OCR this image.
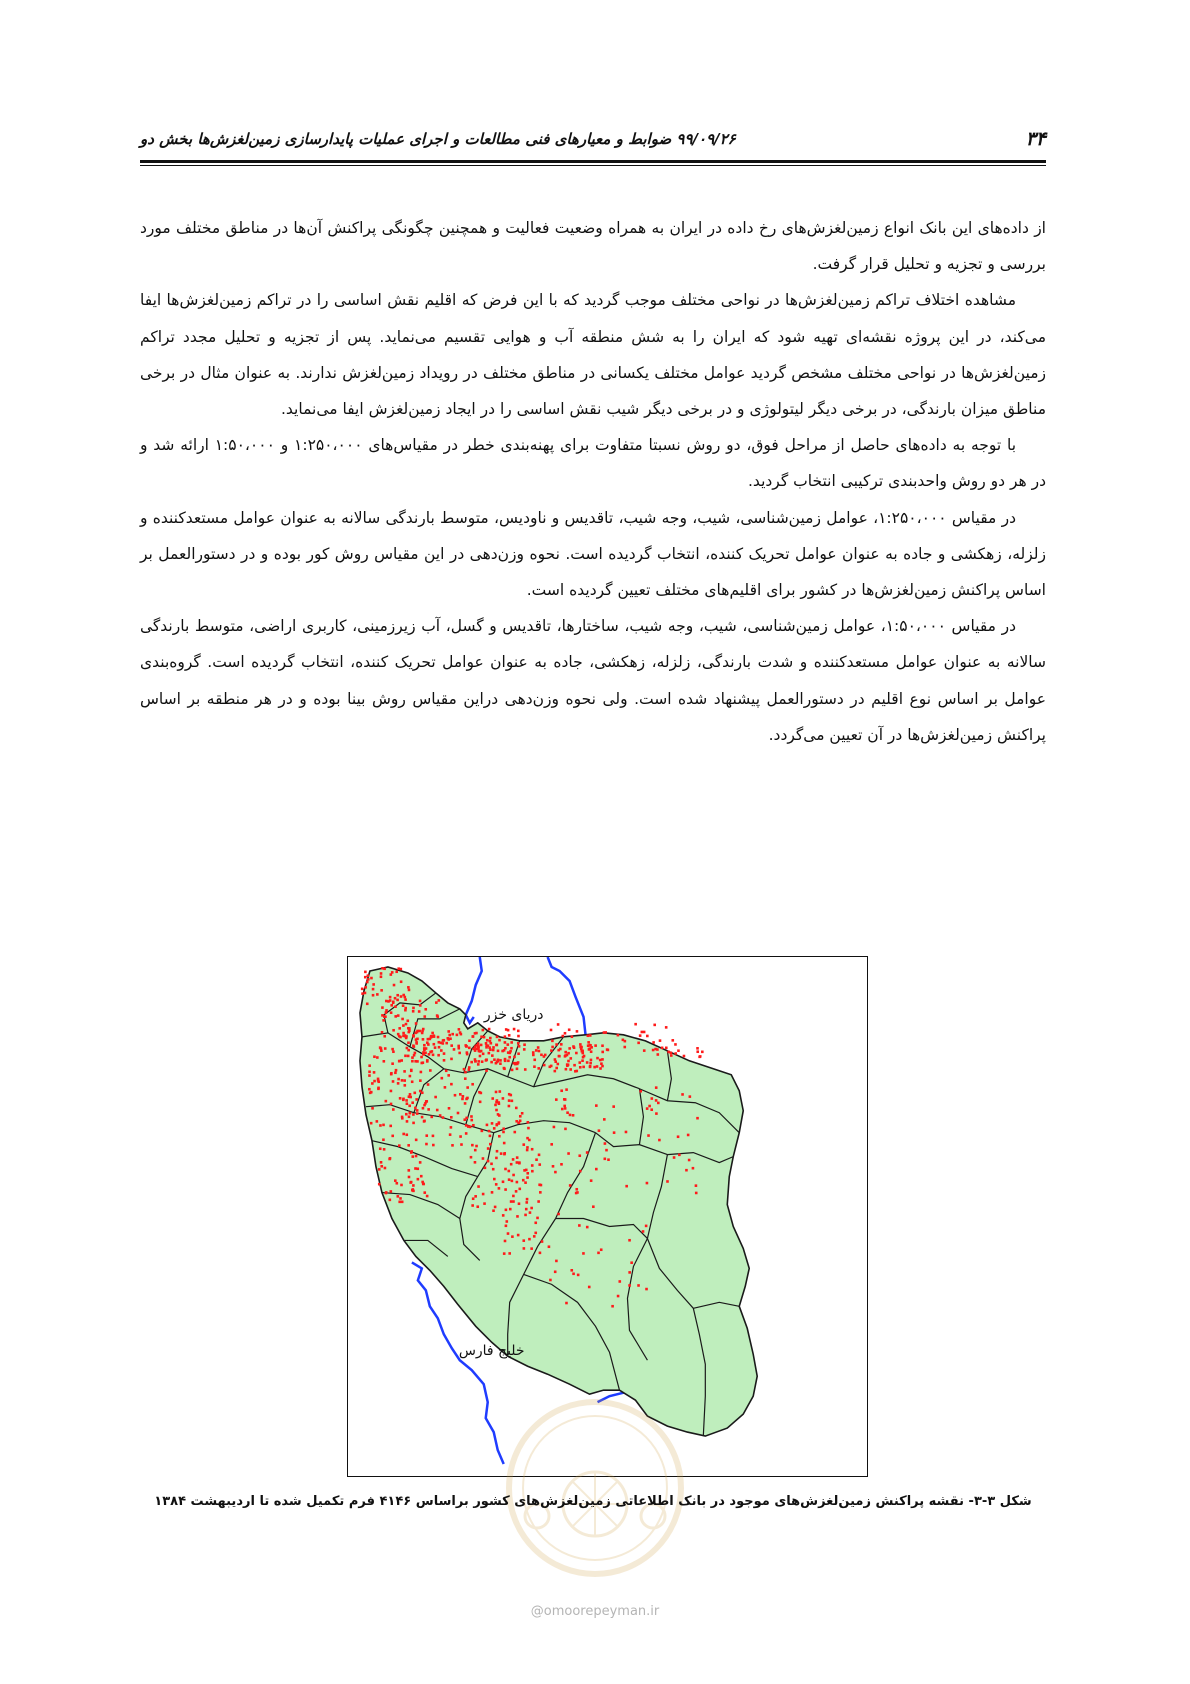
۳۴
۹۹/۰۹/۲۶ ضوابط و معیارهای فنی مطالعات و اجرای عملیات پایدارسازی زمین‌لغزش‌ها بخش دو

از داده‌های این بانک انواع زمین‌لغزش‌های رخ داده در ایران به همراه وضعیت فعالیت و همچنین چگونگی پراکنش آن‌ها در مناطق مختلف مورد بررسی و تجزیه و تحلیل قرار گرفت.

مشاهده اختلاف تراکم زمین‌لغزش‌ها در نواحی مختلف موجب گردید که با این فرض که اقلیم نقش اساسی را در تراکم زمین‌لغزش‌ها ایفا می‌کند، در این پروژه نقشه‌ای تهیه شود که ایران را به شش منطقه آب و هوایی تقسیم می‌نماید. پس از تجزیه و تحلیل مجدد تراکم زمین‌لغزش‌ها در نواحی مختلف مشخص گردید عوامل مختلف یکسانی در مناطق مختلف در رویداد زمین‌لغزش ندارند. به عنوان مثال در برخی مناطق میزان بارندگی، در برخی دیگر لیتولوژی و در برخی دیگر شیب نقش اساسی را در ایجاد زمین‌لغزش ایفا می‌نماید.

با توجه به داده‌های حاصل از مراحل فوق، دو روش نسبتا متفاوت برای پهنه‌بندی خطر در مقیاس‌های ۱:۲۵۰،۰۰۰ و ۱:۵۰،۰۰۰ ارائه شد و در هر دو روش واحدبندی ترکیبی انتخاب گردید.

در مقیاس ۱:۲۵۰،۰۰۰، عوامل زمین‌شناسی، شیب، وجه شیب، تاقدیس و ناودیس، متوسط بارندگی سالانه به عنوان عوامل مستعدکننده و زلزله، زهکشی و جاده به عنوان عوامل تحریک کننده، انتخاب گردیده است. نحوه وزن‌دهی در این مقیاس روش کور بوده و در دستورالعمل بر اساس پراکنش زمین‌لغزش‌ها در کشور برای اقلیم‌های مختلف تعیین گردیده است.

در مقیاس ۱:۵۰،۰۰۰، عوامل زمین‌شناسی، شیب، وجه شیب، ساختارها، تاقدیس و گسل، آب زیرزمینی، کاربری اراضی، متوسط بارندگی سالانه به عنوان عوامل مستعدکننده و شدت بارندگی، زلزله، زهکشی، جاده به عنوان عوامل تحریک کننده، انتخاب گردیده است. گروه‌بندی عوامل بر اساس نوع اقلیم در دستورالعمل پیشنهاد شده است. ولی نحوه وزن‌دهی دراین مقیاس روش بینا بوده و در هر منطقه بر اساس پراکنش زمین‌لغزش‌ها در آن تعیین می‌گردد.

دریای خزر
خلیج فارس
شکل ۳-۳- نقشه پراکنش زمین‌لغزش‌های موجود در بانک اطلاعاتی زمین‌لغزش‌های کشور براساس ۴۱۴۶ فرم تکمیل شده تا اردیبهشت ۱۳۸۴
@omoorepeyman.ir
